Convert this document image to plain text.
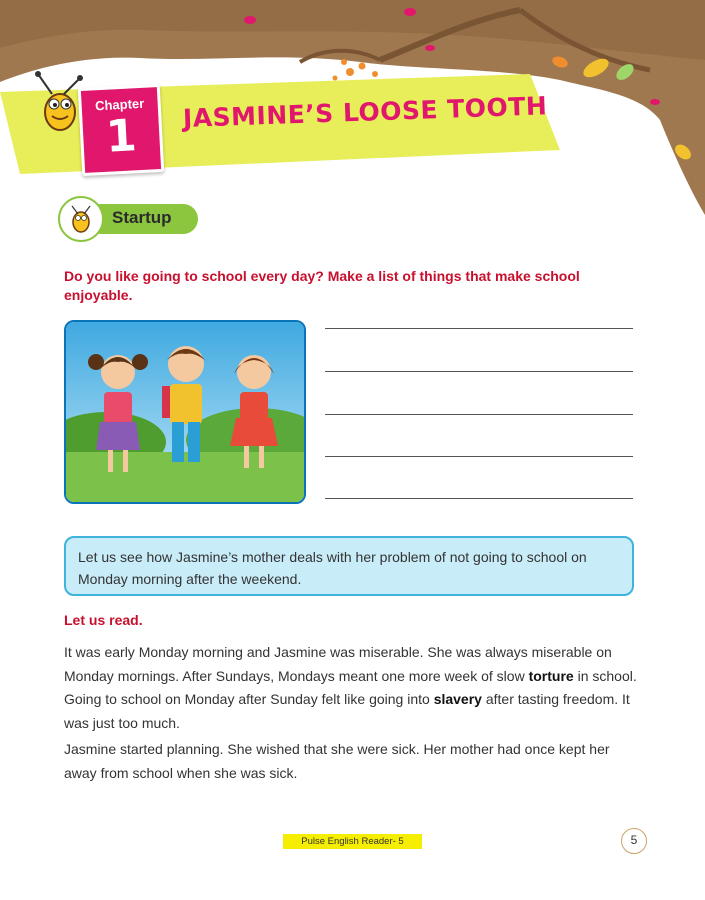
Chapter
1	JASMINE’S LOOSE TOOTH
Startup
Do you like going to school every day? Make a list of things that make school enjoyable.
Let us see how Jasmine’s mother deals with her problem of not going to school on Monday morning after the weekend.
Let us read.
It was early Monday morning and Jasmine was miserable. She was always miserable on Monday mornings. After Sundays, Mondays meant one more week of slow torture in school. Going to school on Monday after Sunday felt like going into slavery after tasting freedom. It was just too much.
Jasmine started planning. She wished that she were sick. Her mother had once kept her away from school when she was sick.
Pulse English Reader- 5	5
